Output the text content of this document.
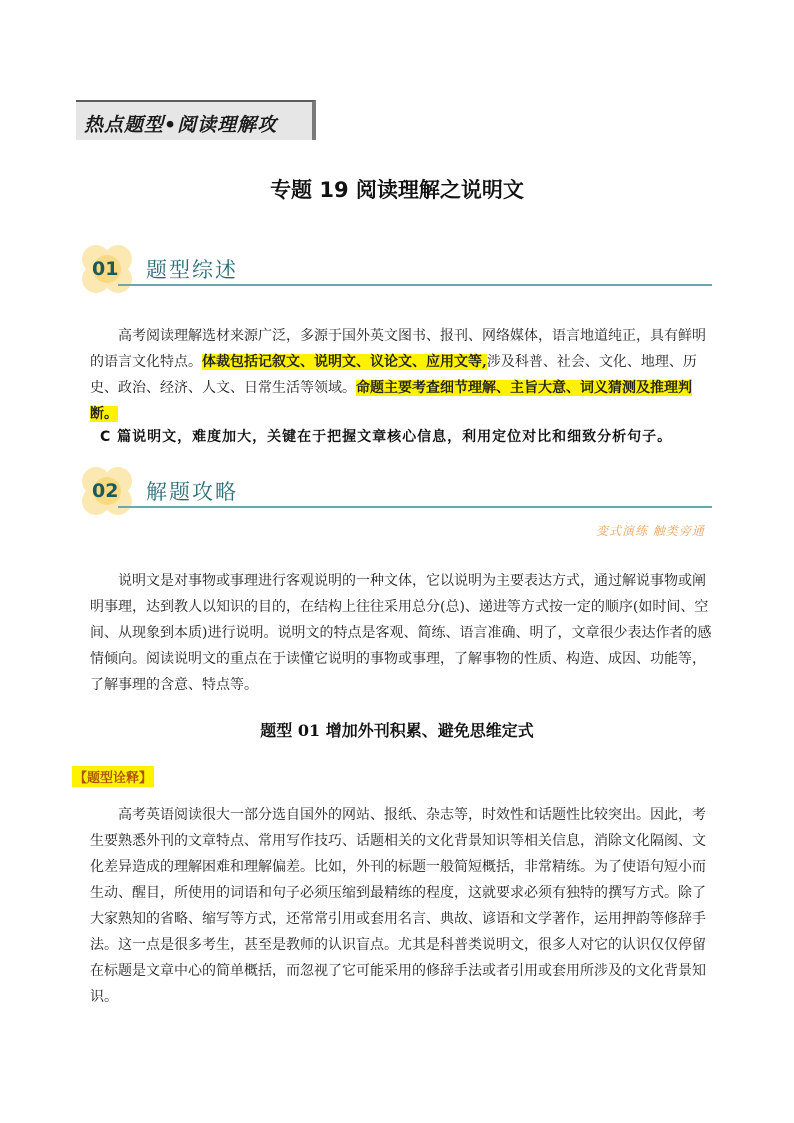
热点题型•阅读理解攻
专题 19 阅读理解之说明文
01	题型综述

高考阅读理解选材来源广泛，多源于国外英文图书、报刊、网络媒体，语言地道纯正，具有鲜明的语言文化特点。体裁包括记叙文、说明文、议论文、应用文等,涉及科普、社会、文化、地理、历史、政治、经济、人文、日常生活等领域。命题主要考查细节理解、主旨大意、词义猜测及推理判断。

C 篇说明文，难度加大，关键在于把握文章核心信息，利用定位对比和细致分析句子。
02	解题攻略
变式演练 触类旁通

说明文是对事物或事理进行客观说明的一种文体，它以说明为主要表达方式，通过解说事物或阐明事理，达到教人以知识的目的，在结构上往往采用总分(总)、递进等方式按一定的顺序(如时间、空间、从现象到本质)进行说明。说明文的特点是客观、简练、语言准确、明了，文章很少表达作者的感情倾向。阅读说明文的重点在于读懂它说明的事物或事理，了解事物的性质、构造、成因、功能等，了解事理的含意、特点等。

题型 01 增加外刊积累、避免思维定式
【题型诠释】

高考英语阅读很大一部分选自国外的网站、报纸、杂志等，时效性和话题性比较突出。因此，考生要熟悉外刊的文章特点、常用写作技巧、话题相关的文化背景知识等相关信息，消除文化隔阂、文化差异造成的理解困难和理解偏差。比如，外刊的标题一般简短概括，非常精练。为了使语句短小而生动、醒目，所使用的词语和句子必须压缩到最精练的程度，这就要求必须有独特的撰写方式。除了大家熟知的省略、缩写等方式，还常常引用或套用名言、典故、谚语和文学著作，运用押韵等修辞手法。这一点是很多考生，甚至是教师的认识盲点。尤其是科普类说明文，很多人对它的认识仅仅停留在标题是文章中心的简单概括，而忽视了它可能采用的修辞手法或者引用或套用所涉及的文化背景知识。
